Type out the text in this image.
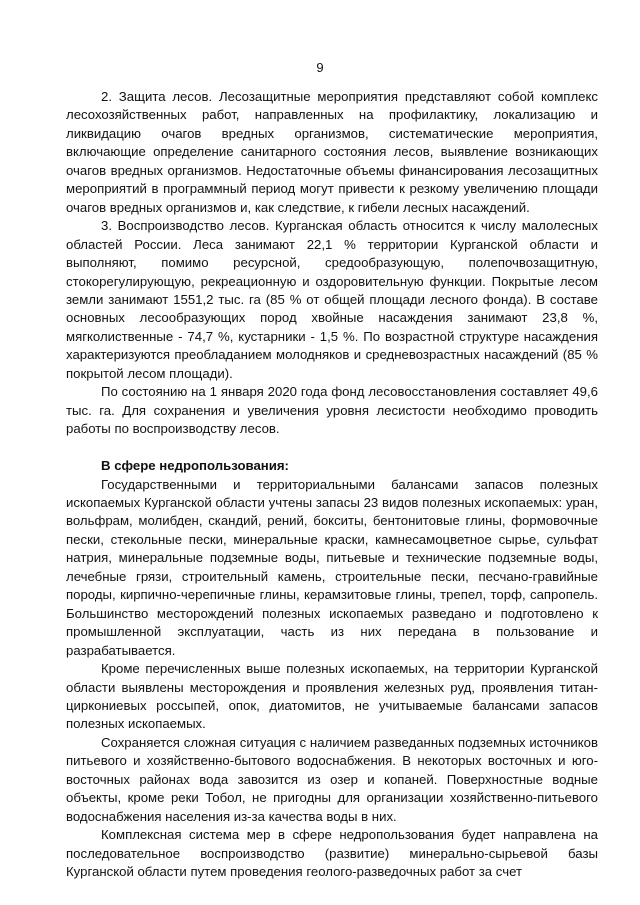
9

2. Защита лесов. Лесозащитные мероприятия представляют собой комплекс лесохозяйственных работ, направленных на профилактику, локализацию и ликвидацию очагов вредных организмов, систематические мероприятия, включающие определение санитарного состояния лесов, выявление возникающих очагов вредных организмов. Недостаточные объемы финансирования лесозащитных мероприятий в программный период могут привести к резкому увеличению площади очагов вредных организмов и, как следствие, к гибели лесных насаждений.

3. Воспроизводство лесов. Курганская область относится к числу малолесных областей России. Леса занимают 22,1 % территории Курганской области и выполняют, помимо ресурсной, средообразующую, полепочвозащитную, стокорегулирующую, рекреационную и оздоровительную функции. Покрытые лесом земли занимают 1551,2 тыс. га (85 % от общей площади лесного фонда). В составе основных лесообразующих пород хвойные насаждения занимают 23,8 %, мягколиственные - 74,7 %, кустарники - 1,5 %. По возрастной структуре насаждения характеризуются преобладанием молодняков и средневозрастных насаждений (85 % покрытой лесом площади).

По состоянию на 1 января 2020 года фонд лесовосстановления составляет 49,6 тыс. га. Для сохранения и увеличения уровня лесистости необходимо проводить работы по воспроизводству лесов.

В сфере недропользования:

Государственными и территориальными балансами запасов полезных ископаемых Курганской области учтены запасы 23 видов полезных ископаемых: уран, вольфрам, молибден, скандий, рений, бокситы, бентонитовые глины, формовочные пески, стекольные пески, минеральные краски, камнесамоцветное сырье, сульфат натрия, минеральные подземные воды, питьевые и технические подземные воды, лечебные грязи, строительный камень, строительные пески, песчано-гравийные породы, кирпично-черепичные глины, керамзитовые глины, трепел, торф, сапропель. Большинство месторождений полезных ископаемых разведано и подготовлено к промышленной эксплуатации, часть из них передана в пользование и разрабатывается.

Кроме перечисленных выше полезных ископаемых, на территории Курганской области выявлены месторождения и проявления железных руд, проявления титан-циркониевых россыпей, опок, диатомитов, не учитываемые балансами запасов полезных ископаемых.

Сохраняется сложная ситуация с наличием разведанных подземных источников питьевого и хозяйственно-бытового водоснабжения. В некоторых восточных и юго-восточных районах вода завозится из озер и копаней. Поверхностные водные объекты, кроме реки Тобол, не пригодны для организации хозяйственно-питьевого водоснабжения населения из-за качества воды в них.

Комплексная система мер в сфере недропользования будет направлена на последовательное воспроизводство (развитие) минерально-сырьевой базы Курганской области путем проведения геолого-разведочных работ за счет
